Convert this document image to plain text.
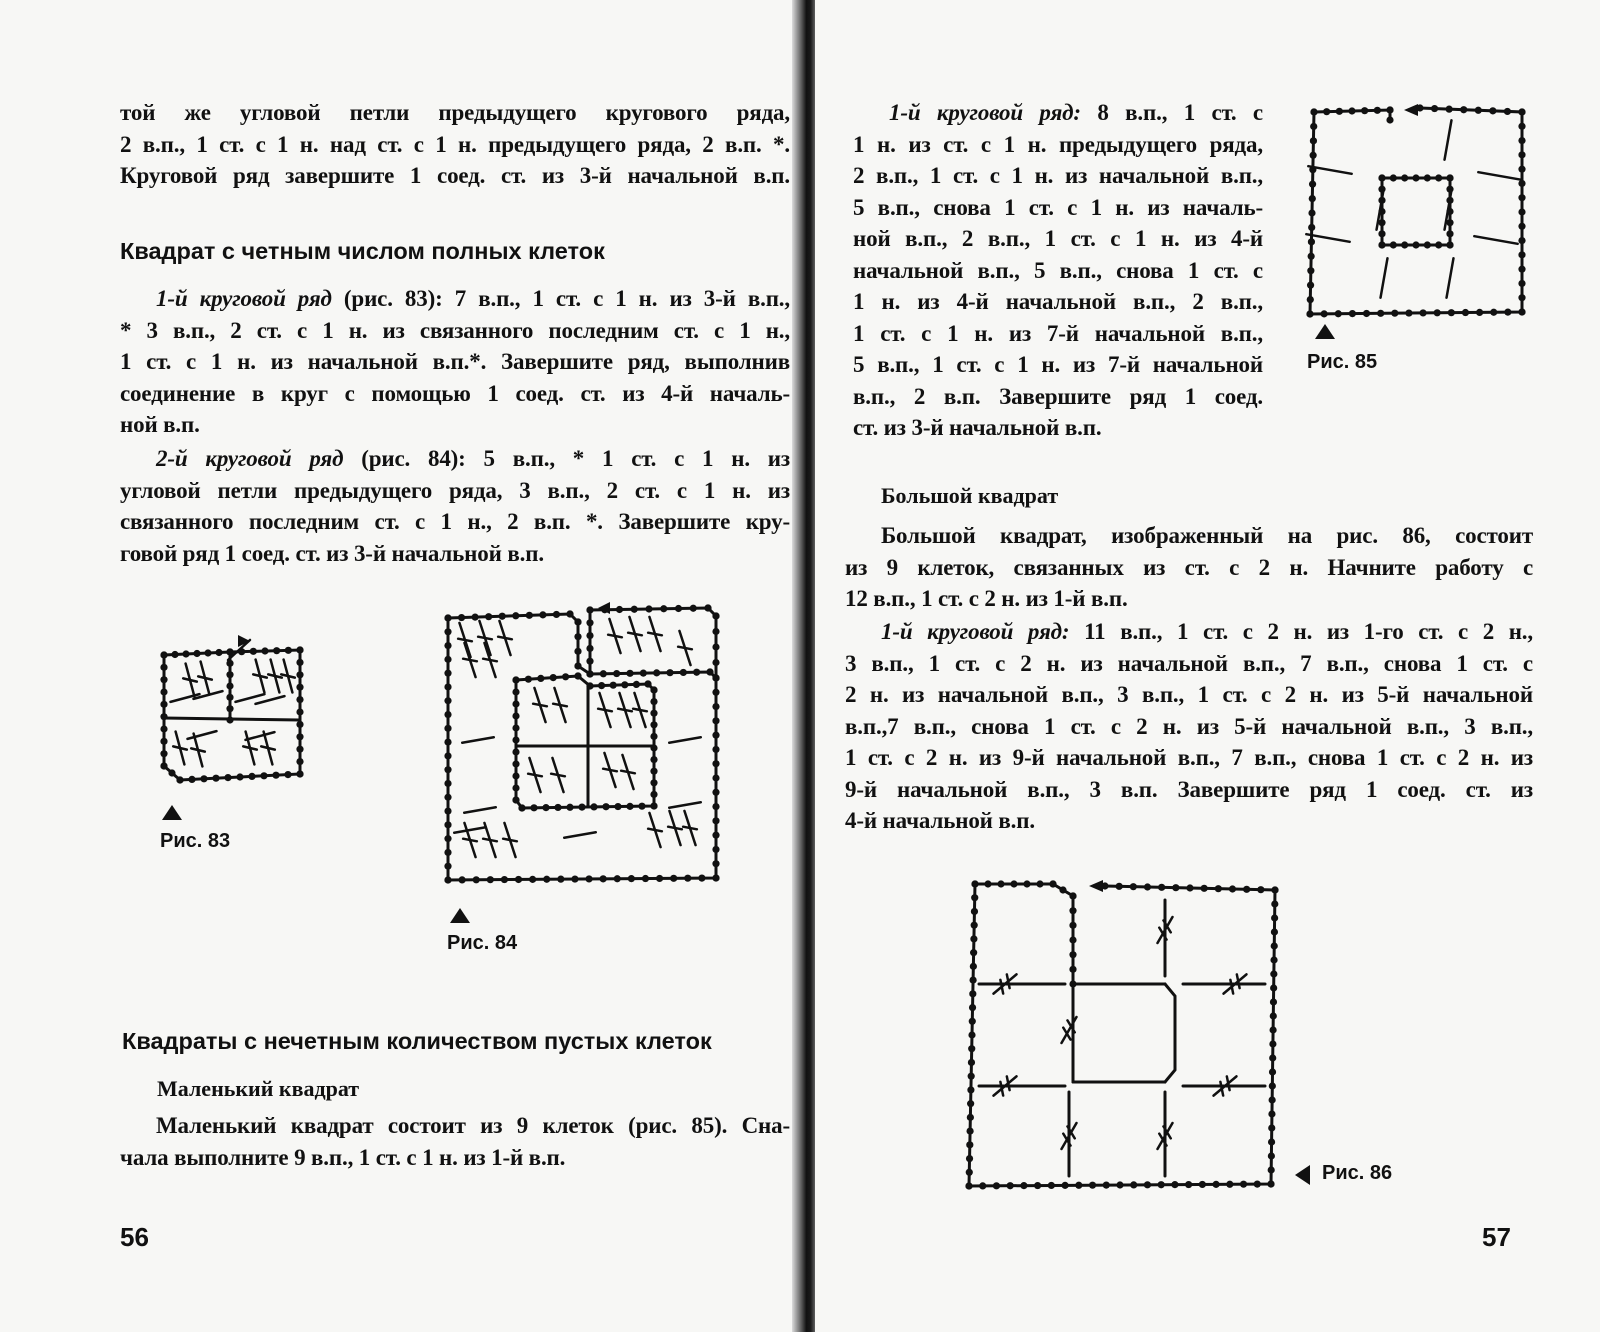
той же угловой петли предыдущего кругового ряда,
2 в.п., 1 ст. с 1 н. над ст. с 1 н. предыдущего ряда, 2 в.п. *.
Круговой ряд завершите 1 соед. ст. из 3-й начальной в.п.
Квадрат с четным числом полных клеток
1-й круговой ряд (рис. 83): 7 в.п., 1 ст. с 1 н. из 3-й в.п.,
* 3 в.п., 2 ст. с 1 н. из связанного последним ст. с 1 н.,
1 ст. с 1 н. из начальной в.п.*. Завершите ряд, выполнив
соединение в круг с помощью 1 соед. ст. из 4-й началь-
ной в.п.
2-й круговой ряд (рис. 84): 5 в.п., * 1 ст. с 1 н. из
угловой петли предыдущего ряда, 3 в.п., 2 ст. с 1 н. из
связанного последним ст. с 1 н., 2 в.п. *. Завершите кру-
говой ряд 1 соед. ст. из 3-й начальной в.п.
Рис. 83
Рис. 84
Квадраты с нечетным количеством пустых клеток
Маленький квадрат
Маленький квадрат состоит из 9 клеток (рис. 85). Сна-
чала выполните 9 в.п., 1 ст. с 1 н. из 1-й в.п.
56
1-й круговой ряд: 8 в.п., 1 ст. с
1 н. из ст. с 1 н. предыдущего ряда,
2 в.п., 1 ст. с 1 н. из начальной в.п.,
5 в.п., снова 1 ст. с 1 н. из началь-
ной в.п., 2 в.п., 1 ст. с 1 н. из 4-й
начальной в.п., 5 в.п., снова 1 ст. с
1 н. из 4-й начальной в.п., 2 в.п.,
1 ст. с 1 н. из 7-й начальной в.п.,
5 в.п., 1 ст. с 1 н. из 7-й начальной
в.п., 2 в.п. Завершите ряд 1 соед.
ст. из 3-й начальной в.п.
Рис. 85
Большой квадрат
Большой квадрат, изображенный на рис. 86, состоит
из 9 клеток, связанных из ст. с 2 н. Начните работу с
12 в.п., 1 ст. с 2 н. из 1-й в.п.
1-й круговой ряд: 11 в.п., 1 ст. с 2 н. из 1-го ст. с 2 н.,
3 в.п., 1 ст. с 2 н. из начальной в.п., 7 в.п., снова 1 ст. с
2 н. из начальной в.п., 3 в.п., 1 ст. с 2 н. из 5-й начальной
в.п.,7 в.п., снова 1 ст. с 2 н. из 5-й начальной в.п., 3 в.п.,
1 ст. с 2 н. из 9-й начальной в.п., 7 в.п., снова 1 ст. с 2 н. из
9-й начальной в.п., 3 в.п. Завершите ряд 1 соед. ст. из
4-й начальной в.п.
Рис. 86
57
